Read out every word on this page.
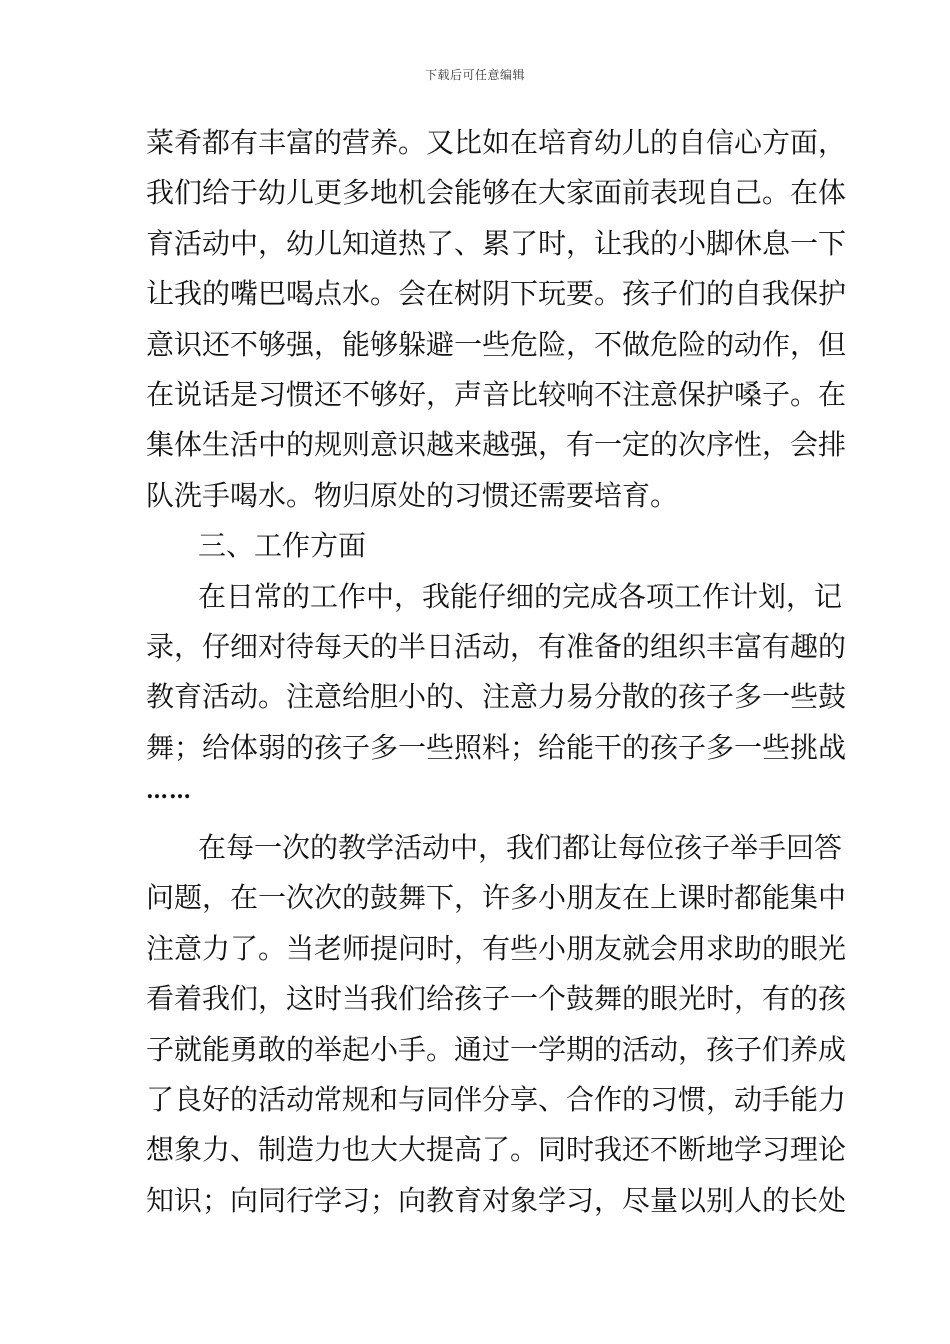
下载后可任意编辑
菜肴都有丰富的营养。又比如在培育幼儿的自信心方面，
我们给于幼儿更多地机会能够在大家面前表现自己。在体
育活动中，幼儿知道热了、累了时，让我的小脚休息一下
让我的嘴巴喝点水。会在树阴下玩要。孩子们的自我保护
意识还不够强，能够躲避一些危险，不做危险的动作，但
在说话是习惯还不够好，声音比较响不注意保护嗓子。在
集体生活中的规则意识越来越强，有一定的次序性，会排
队洗手喝水。物归原处的习惯还需要培育。
三、工作方面
在日常的工作中，我能仔细的完成各项工作计划，记
录，仔细对待每天的半日活动，有准备的组织丰富有趣的
教育活动。注意给胆小的、注意力易分散的孩子多一些鼓
舞；给体弱的孩子多一些照料；给能干的孩子多一些挑战
……
在每一次的教学活动中，我们都让每位孩子举手回答
问题，在一次次的鼓舞下，许多小朋友在上课时都能集中
注意力了。当老师提问时，有些小朋友就会用求助的眼光
看着我们，这时当我们给孩子一个鼓舞的眼光时，有的孩
子就能勇敢的举起小手。通过一学期的活动，孩子们养成
了良好的活动常规和与同伴分享、合作的习惯，动手能力
想象力、制造力也大大提高了。同时我还不断地学习理论
知识；向同行学习；向教育对象学习，尽量以别人的长处
